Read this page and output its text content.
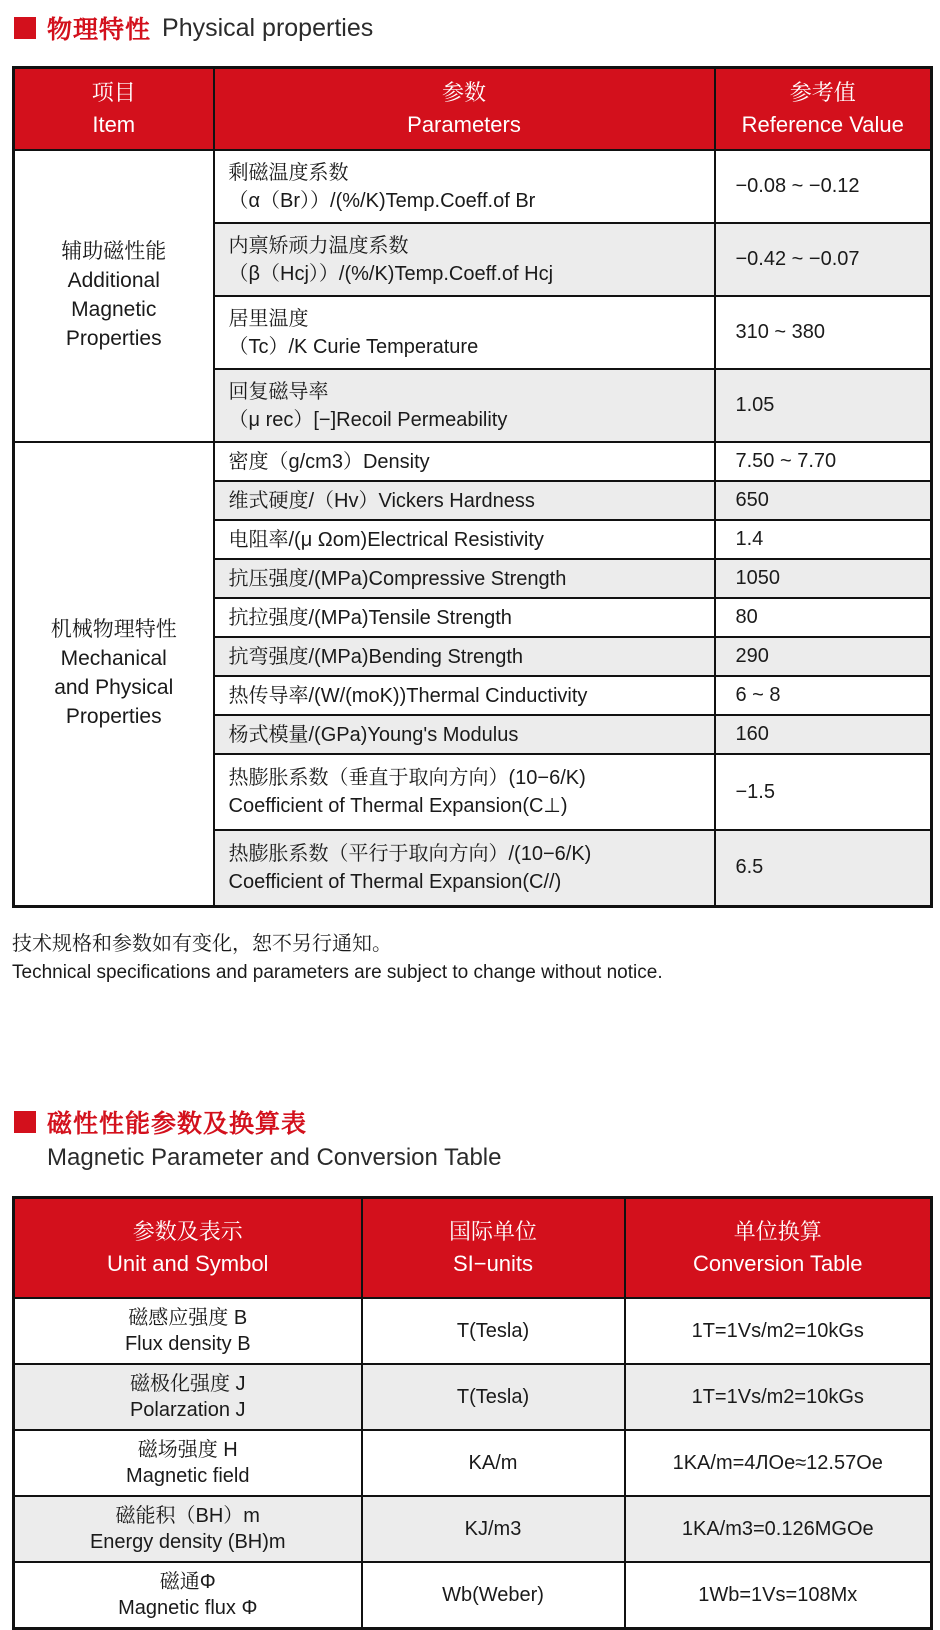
物理特性 Physical properties
项目
Item

参数
Parameters

参考值
Reference Value

辅助磁性能
Additional
Magnetic
Properties

剩磁温度系数
（α（Br））/(%/K)Temp.Coeff.of Br
	−0.08 ~ −0.12

	内禀矫顽力温度系数
（β（Hcj））/(%/K)Temp.Coeff.of Hcj	−0.42 ~ −0.07

	居里温度
（Tc）/K Curie Temperature	310 ~ 380

	回复磁导率
（μ rec）[−]Recoil Permeability	1.05

机械物理特性
Mechanical
and Physical
Properties	密度（g/cm3）Density	7.50 ~ 7.70

	维式硬度/（Hv）Vickers Hardness	650

	电阻率/(μ Ωom)Electrical Resistivity	1.4

	抗压强度/(MPa)Compressive Strength	1050

	抗拉强度/(MPa)Tensile Strength	80

	抗弯强度/(MPa)Bending Strength	290

	热传导率/(W/(moK))Thermal Cinductivity	6 ~ 8

	杨式模量/(GPa)Young's Modulus	160

	热膨胀系数（垂直于取向方向）(10−6/K)
Coefficient of Thermal Expansion(C⊥)	−1.5

	热膨胀系数（平行于取向方向）/(10−6/K)
Coefficient of Thermal Expansion(C//)	6.5
技术规格和参数如有变化，恕不另行通知。
Technical specifications and parameters are subject to change without notice.
磁性性能参数及换算表
Magnetic Parameter and Conversion Table
参数及表示
Unit and Symbol

国际单位
SI−units

单位换算
Conversion Table

磁感应强度 B
Flux density B	T(Tesla)	1T=1Vs/m2=10kGs

磁极化强度 J
Polarzation J	T(Tesla)	1T=1Vs/m2=10kGs

磁场强度 H
Magnetic field	KA/m	1KA/m=4ЛOe≈12.57Oe

磁能积（BH）m
Energy density (BH)m	KJ/m3	1KA/m3=0.126MGOe

磁通Φ
Magnetic flux Φ	Wb(Weber)	1Wb=1Vs=108Mx
